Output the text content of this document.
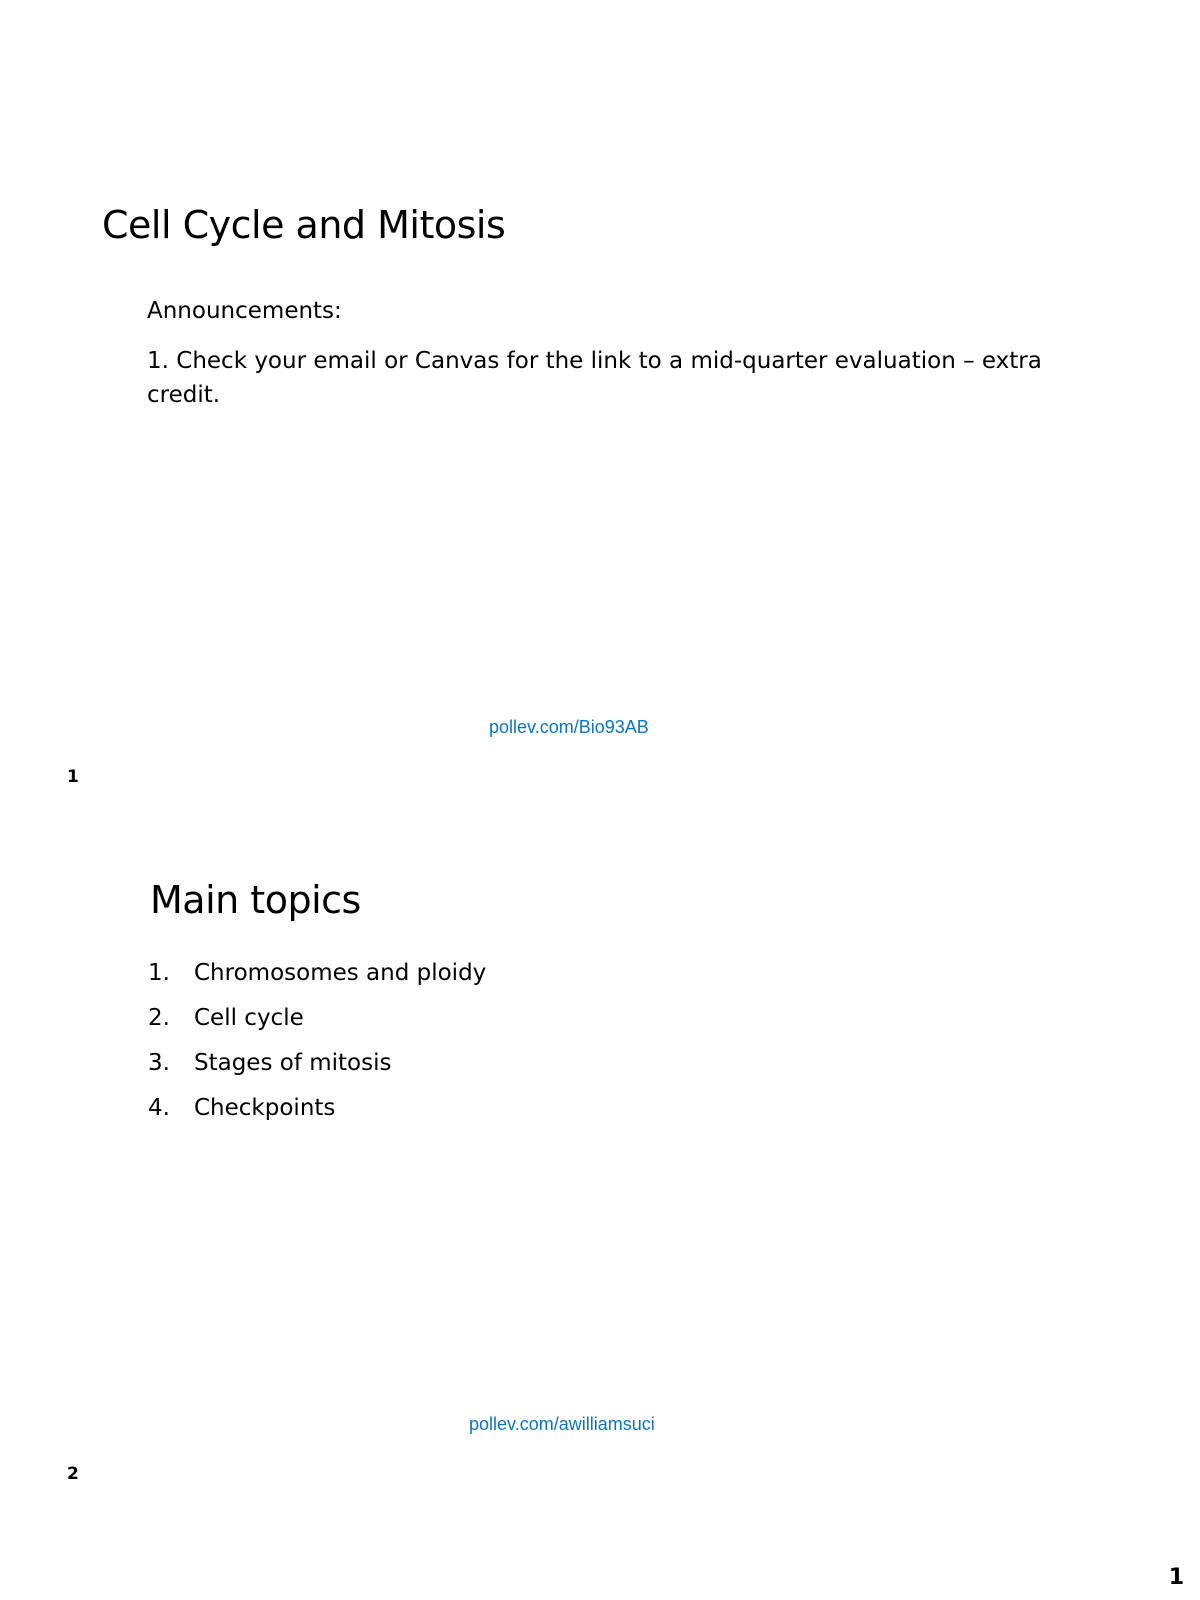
Cell Cycle and Mitosis
Announcements:
1. Check your email or Canvas for the link to a mid-quarter evaluation – extra credit.
pollev.com/Bio93AB
1
Main topics
1.	Chromosomes and ploidy
2.	Cell cycle
3.	Stages of mitosis
4.	Checkpoints
pollev.com/awilliamsuci
2
1
